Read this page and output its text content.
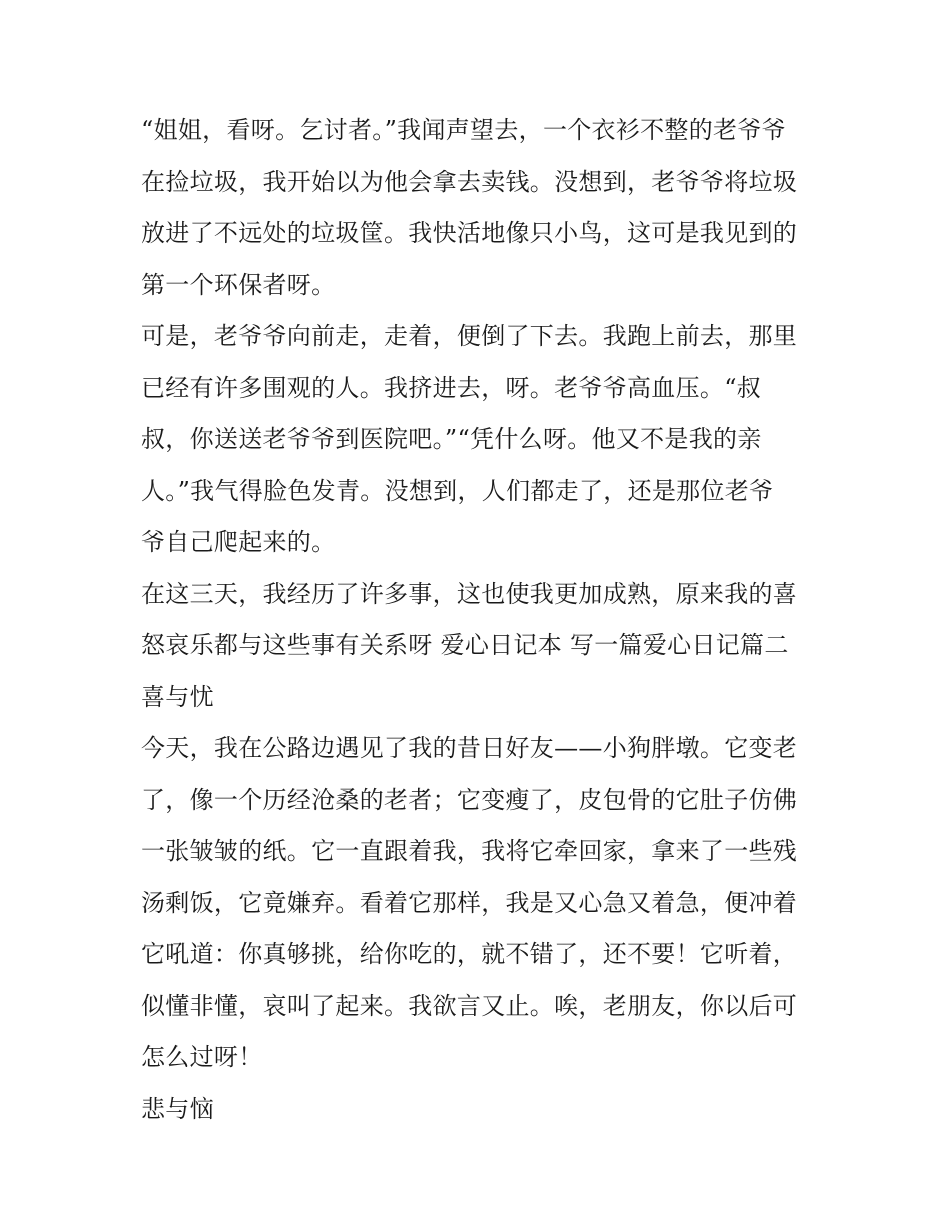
“姐姐，看呀。乞讨者。”我闻声望去，一个衣衫不整的老爷爷
在捡垃圾，我开始以为他会拿去卖钱。没想到，老爷爷将垃圾
放进了不远处的垃圾筐。我快活地像只小鸟，这可是我见到的
第一个环保者呀。
可是，老爷爷向前走，走着，便倒了下去。我跑上前去，那里
已经有许多围观的人。我挤进去，呀。老爷爷高血压。“叔
叔，你送送老爷爷到医院吧。”“凭什么呀。他又不是我的亲
人。”我气得脸色发青。没想到，人们都走了，还是那位老爷
爷自己爬起来的。
在这三天，我经历了许多事，这也使我更加成熟，原来我的喜
怒哀乐都与这些事有关系呀 爱心日记本 写一篇爱心日记篇二
喜与忧
今天，我在公路边遇见了我的昔日好友——小狗胖墩。它变老
了，像一个历经沧桑的老者；它变瘦了，皮包骨的它肚子仿佛
一张皱皱的纸。它一直跟着我，我将它牵回家，拿来了一些残
汤剩饭，它竟嫌弃。看着它那样，我是又心急又着急，便冲着
它吼道：你真够挑，给你吃的，就不错了，还不要！它听着，
似懂非懂，哀叫了起来。我欲言又止。唉，老朋友，你以后可
怎么过呀！
悲与恼
